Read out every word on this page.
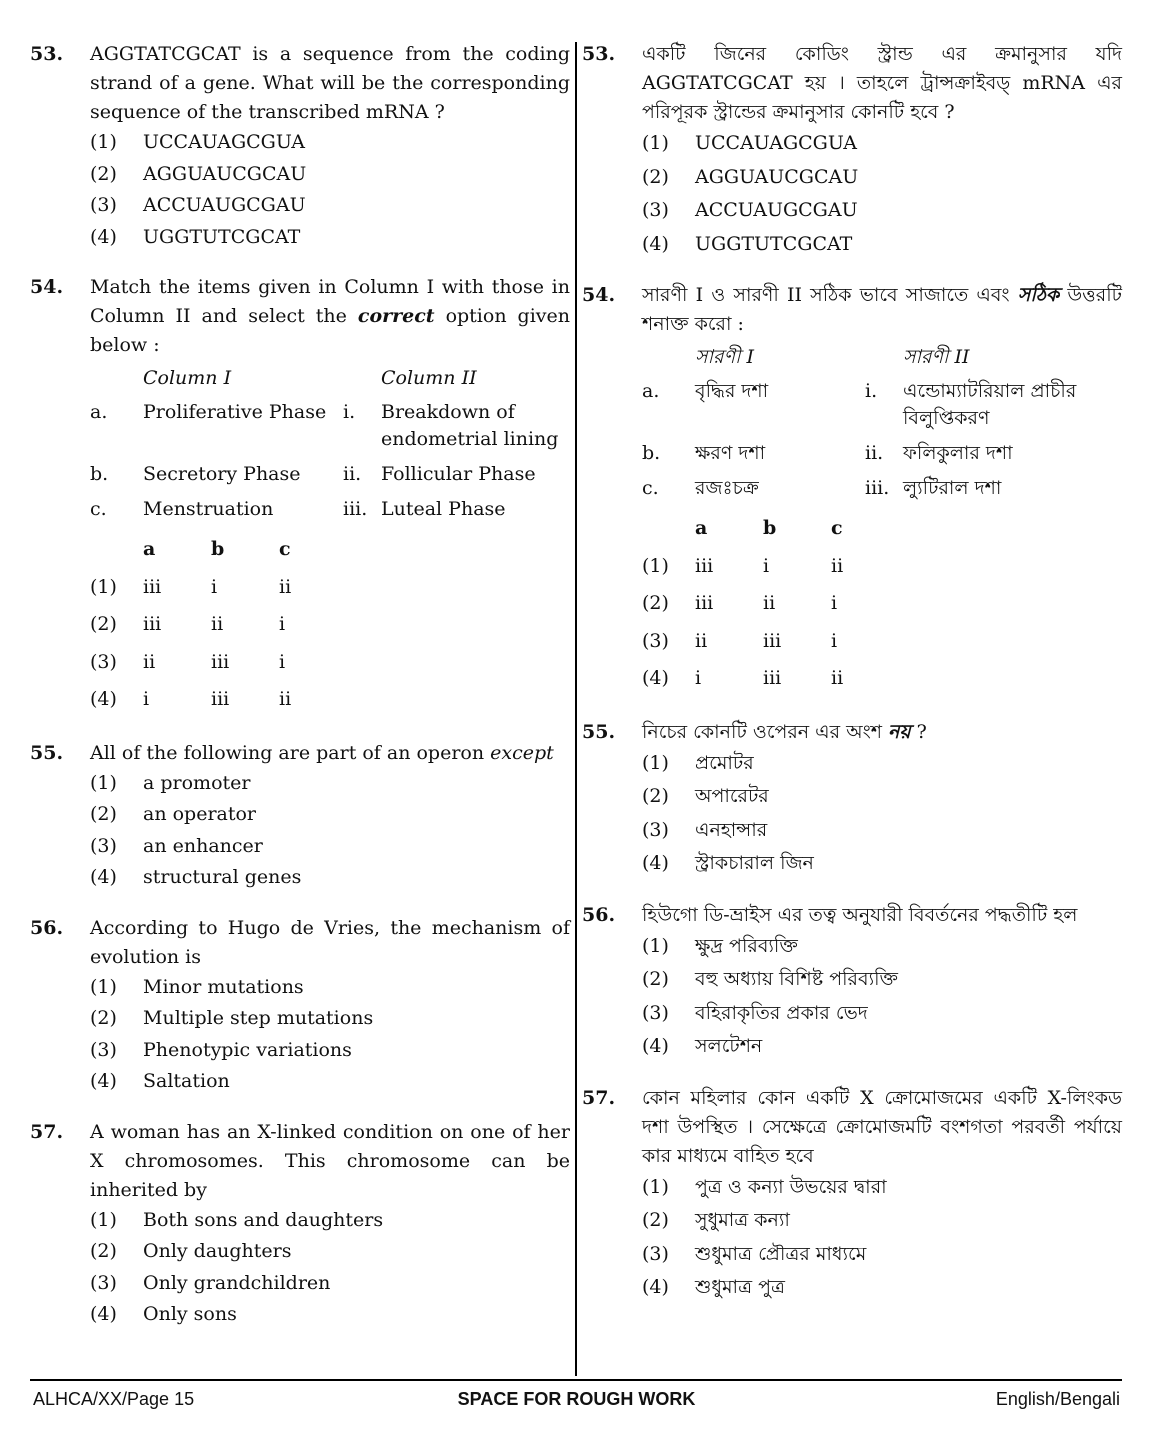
53. AGGTATCGCAT is a sequence from the coding strand of a gene. What will be the corresponding sequence of the transcribed mRNA ?
(1) UCCAUAGCGUA
(2) AGGUAUCGCAU
(3) ACCUAUGCGAU
(4) UGGTUTCGCAT
54. Match the items given in Column I with those in Column II and select the correct option given below :
Column I	Column II
a.	Proliferative Phase i.	Breakdown of endometrial lining
b.	Secretory Phase	ii.	Follicular Phase
c.	Menstruation	iii. Luteal Phase
a	b	c
(1)	iii	i	ii
(2)	iii	ii	i
(3)	ii	iii	i
(4)	i	iii	ii
55. All of the following are part of an operon except
(1) a promoter
(2) an operator
(3) an enhancer
(4) structural genes
56. According to Hugo de Vries, the mechanism of evolution is
(1) Minor mutations
(2) Multiple step mutations
(3) Phenotypic variations
(4) Saltation
57. A woman has an X-linked condition on one of her X chromosomes. This chromosome can be inherited by
(1) Both sons and daughters
(2) Only daughters
(3) Only grandchildren
(4) Only sons
53. একটি জিনের কোডিং স্ট্রান্ড এর ক্রমানুসার যদি AGGTATCGCAT হয় । তাহলে ট্রান্সক্রাইবড্ mRNA এর পরিপূরক স্ট্রান্ডের ক্রমানুসার কোনটি হবে ?
(1) UCCAUAGCGUA
(2) AGGUAUCGCAU
(3) ACCUAUGCGAU
(4) UGGTUTCGCAT
54. সারণী I ও সারণী II সঠিক ভাবে সাজাতে এবং সঠিক উত্তরটি শনাক্ত করো :
সারণী I	সারণী II
a.	বৃদ্ধির দশা	i.	এন্ডোম্যাটরিয়াল প্রাচীর বিলুপ্তিকরণ
b.	ক্ষরণ দশা	ii.	ফলিকুলার দশা
c.	রজঃচক্র	iii. ল্যুটিরাল দশা
a	b	c
(1)	iii	i	ii
(2)	iii	ii	i
(3)	ii	iii	i
(4)	i	iii	ii
55. নিচের কোনটি ওপেরন এর অংশ নয় ?
(1) প্রমোটর
(2) অপারেটর
(3) এনহান্সার
(4) স্ট্রাকচারাল জিন
56. হিউগো ডি-ভ্রাইস এর তত্ব অনুযারী বিবর্তনের পদ্ধতীটি হল
(1) ক্ষুদ্র পরিব্যক্তি
(2) বহু অধ্যায় বিশিষ্ট পরিব্যক্তি
(3) বহিরাকৃতির প্রকার ভেদ
(4) সলটেশন
57. কোন মহিলার কোন একটি X ক্রোমোজমের একটি X-লিংকড দশা উপস্থিত । সেক্ষেত্রে ক্রোমোজমটি বংশগতা পরবর্তী পর্যায়ে কার মাধ্যমে বাহিত হবে
(1) পুত্র ও কন্যা উভয়ের দ্বারা
(2) সুধুমাত্র কন্যা
(3) শুধুমাত্র প্রৌত্রর মাধ্যমে
(4) শুধুমাত্র পুত্র
ALHCA/XX/Page 15	SPACE FOR ROUGH WORK	English/Bengali
